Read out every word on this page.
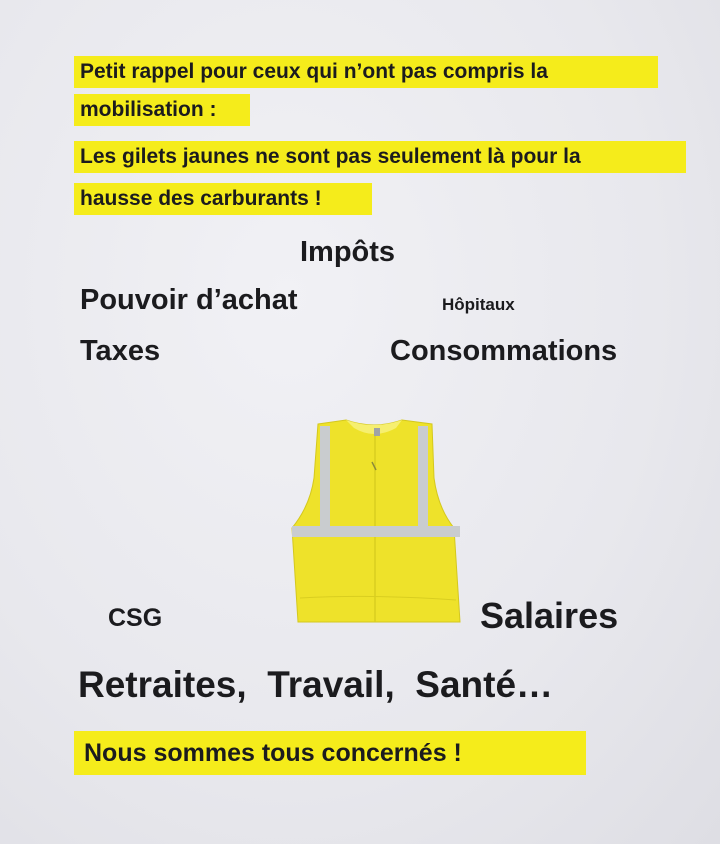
Petit rappel pour ceux qui n’ont pas compris la
mobilisation :
Les gilets jaunes ne sont pas seulement là pour la
hausse des carburants !
Impôts
Pouvoir d’achat	Hôpitaux
Taxes	Consommations
CSG	Salaires
Retraites,  Travail,  Santé…
Nous sommes tous concernés !
